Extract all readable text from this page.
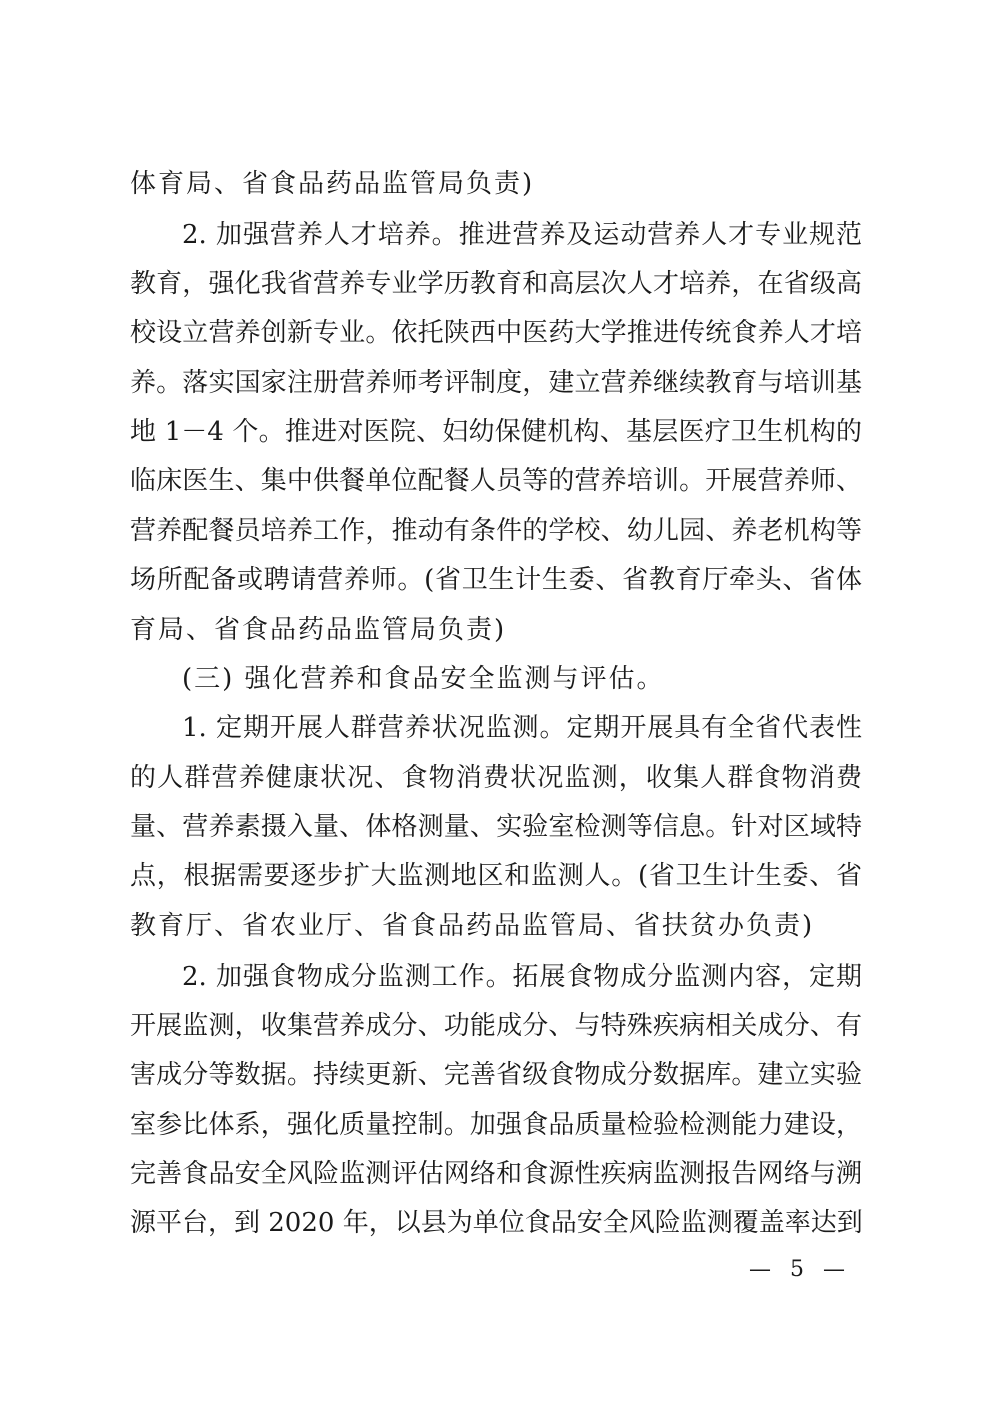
体育局、省食品药品监管局负责)
2. 加强营养人才培养。推进营养及运动营养人才专业规范
教育，强化我省营养专业学历教育和高层次人才培养，在省级高
校设立营养创新专业。依托陕西中医药大学推进传统食养人才培
养。落实国家注册营养师考评制度，建立营养继续教育与培训基
地 1－4 个。推进对医院、妇幼保健机构、基层医疗卫生机构的
临床医生、集中供餐单位配餐人员等的营养培训。开展营养师、
营养配餐员培养工作，推动有条件的学校、幼儿园、养老机构等
场所配备或聘请营养师。(省卫生计生委、省教育厅牵头、省体
育局、省食品药品监管局负责)
(三) 强化营养和食品安全监测与评估。
1. 定期开展人群营养状况监测。定期开展具有全省代表性
的人群营养健康状况、食物消费状况监测，收集人群食物消费
量、营养素摄入量、体格测量、实验室检测等信息。针对区域特
点，根据需要逐步扩大监测地区和监测人。(省卫生计生委、省
教育厅、省农业厅、省食品药品监管局、省扶贫办负责)
2. 加强食物成分监测工作。拓展食物成分监测内容，定期
开展监测，收集营养成分、功能成分、与特殊疾病相关成分、有
害成分等数据。持续更新、完善省级食物成分数据库。建立实验
室参比体系，强化质量控制。加强食品质量检验检测能力建设，
完善食品安全风险监测评估网络和食源性疾病监测报告网络与溯
源平台，到 2020 年，以县为单位食品安全风险监测覆盖率达到
— 5 —
